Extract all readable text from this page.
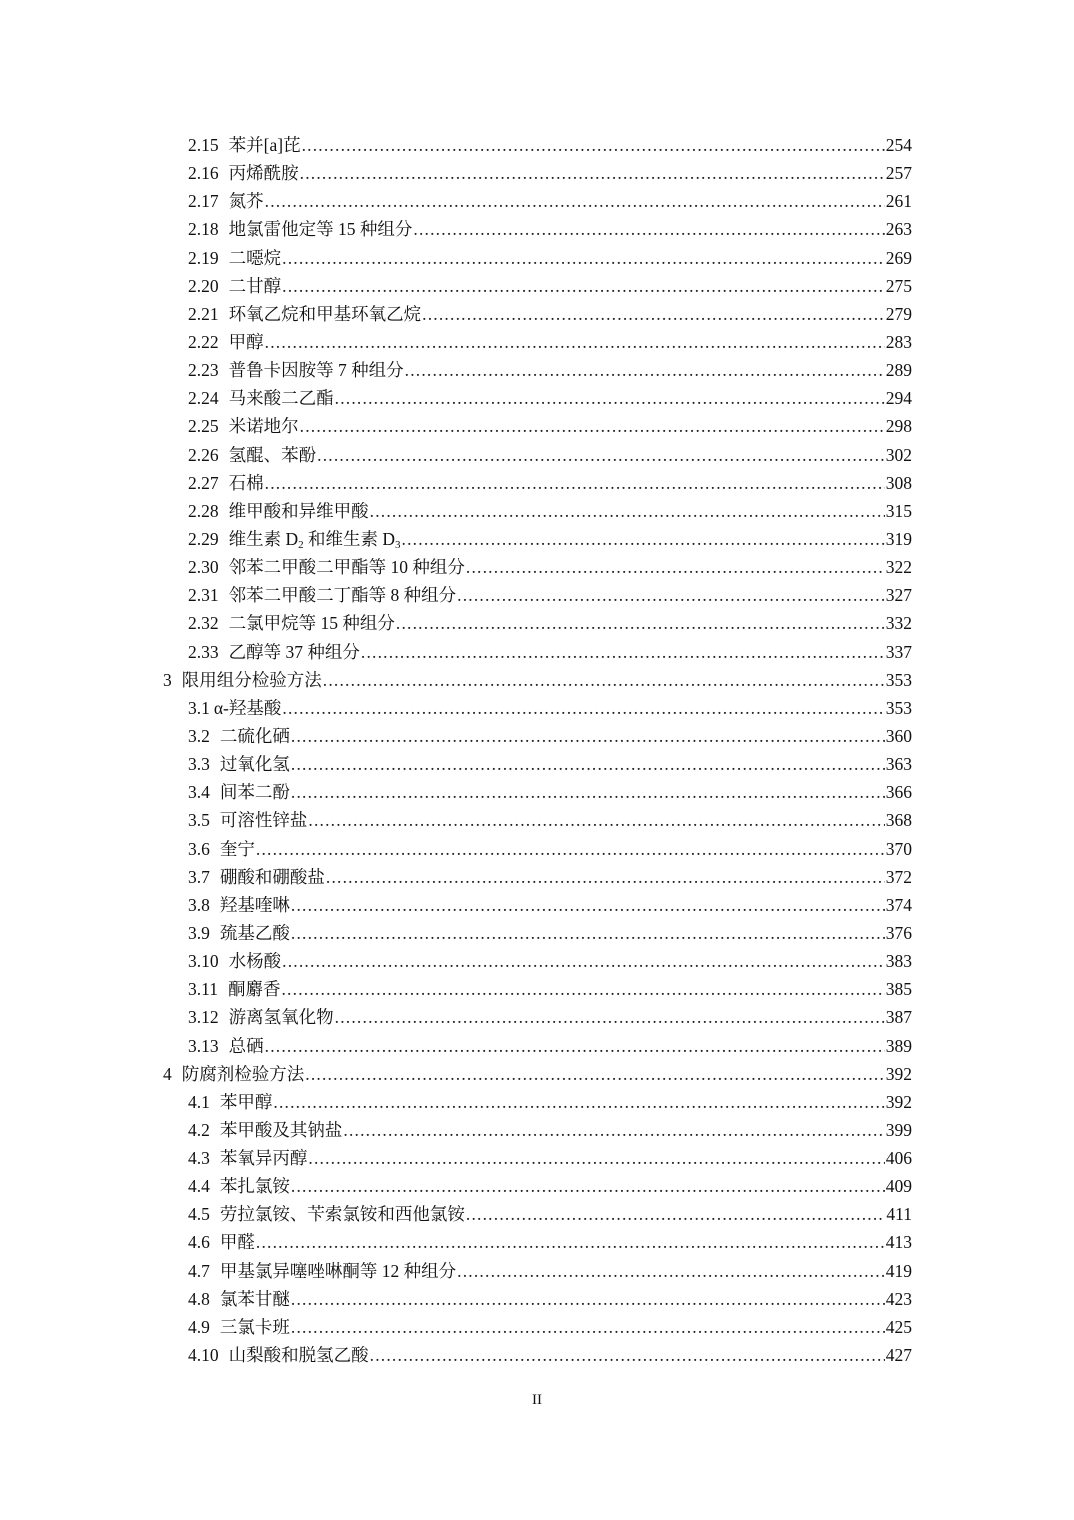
2.15 苯并[a]芘 .....	254
2.16 丙烯酰胺 .....	257
2.17 氮芥 .....	261
2.18 地氯雷他定等 15 种组分 .....	263
2.19 二噁烷 .....	269
2.20 二甘醇 .....	275
2.21 环氧乙烷和甲基环氧乙烷 .....	279
2.22 甲醇 .....	283
2.23 普鲁卡因胺等 7 种组分 .....	289
2.24 马来酸二乙酯 .....	294
2.25 米诺地尔 .....	298
2.26 氢醌、苯酚 .....	302
2.27 石棉 .....	308
2.28 维甲酸和异维甲酸 .....	315
2.29 维生素 $D_2$ 和维生素 $D_3$ .....	319
2.30 邻苯二甲酸二甲酯等 10 种组分 .....	322
2.31 邻苯二甲酸二丁酯等 8 种组分 .....	327
2.32 二氯甲烷等 15 种组分 .....	332
2.33 乙醇等 37 种组分 .....	337
3 限用组分检验方法 .....	353
3.1 α-羟基酸 .....	353
3.2 二硫化硒 .....	360
3.3 过氧化氢 .....	363
3.4 间苯二酚 .....	366
3.5 可溶性锌盐 .....	368
3.6 奎宁 .....	370
3.7 硼酸和硼酸盐 .....	372
3.8 羟基喹啉 .....	374
3.9 巯基乙酸 .....	376
3.10 水杨酸 .....	383
3.11 酮麝香 .....	385
3.12 游离氢氧化物 .....	387
3.13 总硒 .....	389
4 防腐剂检验方法 .....	392
4.1 苯甲醇 .....	392
4.2 苯甲酸及其钠盐 .....	399
4.3 苯氧异丙醇 .....	406
4.4 苯扎氯铵 .....	409
4.5 劳拉氯铵、苄索氯铵和西他氯铵 .....	411
4.6 甲醛 .....	413
4.7 甲基氯异噻唑啉酮等 12 种组分 .....	419
4.8 氯苯甘醚 .....	423
4.9 三氯卡班 .....	425
4.10 山梨酸和脱氢乙酸 .....	427
II
